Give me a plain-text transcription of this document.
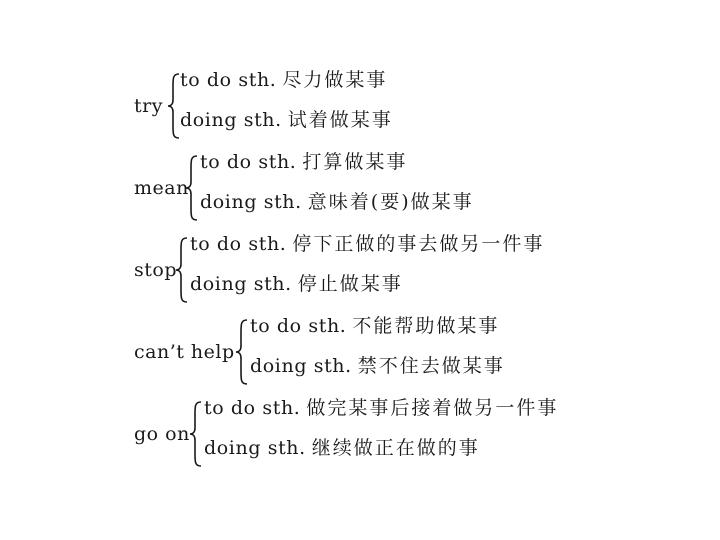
try
to do sth. 尽力做某事
doing sth. 试着做某事
mean
to do sth. 打算做某事
doing sth. 意味着(要)做某事
stop
to do sth. 停下正做的事去做另一件事
doing sth. 停止做某事
can’t help
to do sth. 不能帮助做某事
doing sth. 禁不住去做某事
go on
to do sth. 做完某事后接着做另一件事
doing sth. 继续做正在做的事
